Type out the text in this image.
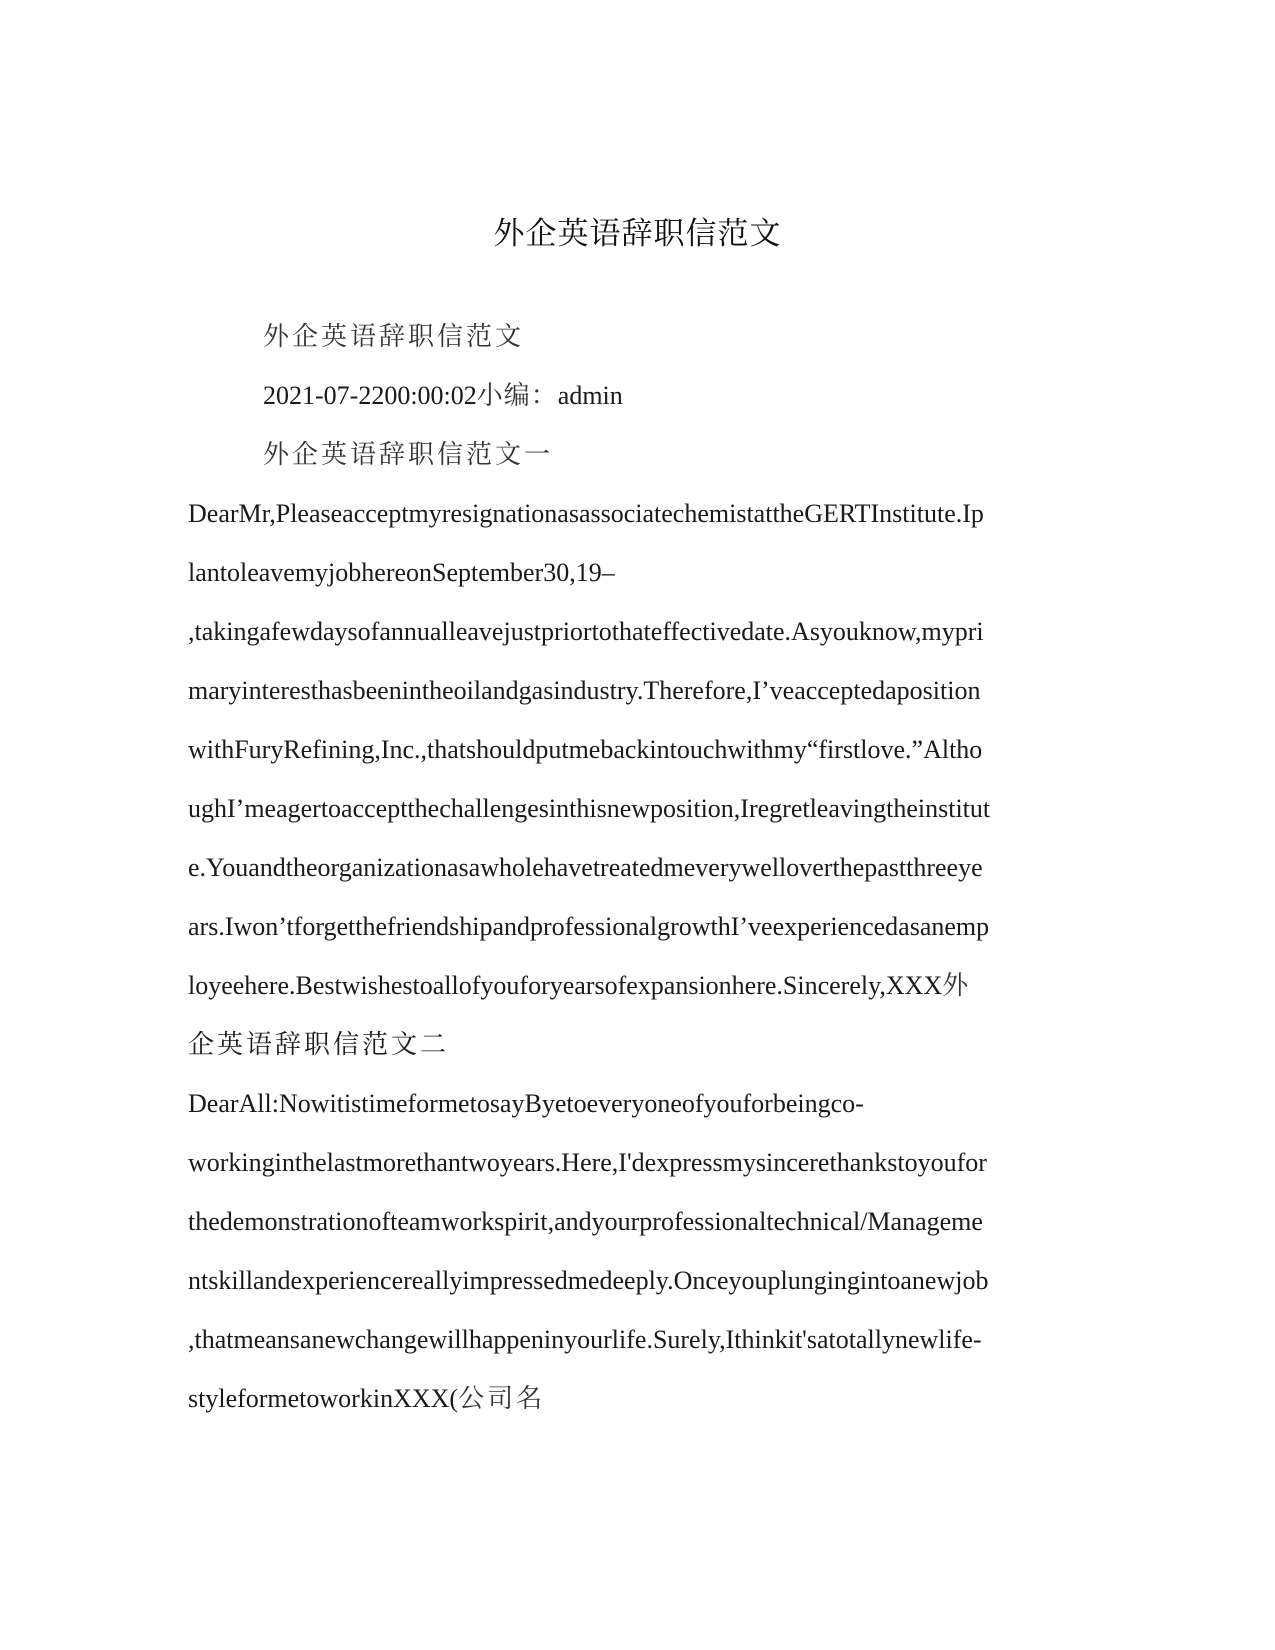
外企英语辞职信范文
外企英语辞职信范文
2021-07-2200:00:02小编：admin
外企英语辞职信范文一
DearMr,PleaseacceptmyresignationasassociatechemistattheGERTInstitute.Ip
lantoleavemyjobhereonSeptember30,19–
,takingafewdaysofannualleavejustpriortothateffectivedate.Asyouknow,mypri
maryinteresthasbeenintheoilandgasindustry.Therefore,I’veacceptedaposition
withFuryRefining,Inc.,thatshouldputmebackintouchwithmy“firstlove.”Altho
ughI’meagertoacceptthechallengesinthisnewposition,Iregretleavingtheinstitut
e.Youandtheorganizationasawholehavetreatedmeverywelloverthepastthreeye
ars.Iwon’tforgetthefriendshipandprofessionalgrowthI’veexperiencedasanemp
loyeehere.Bestwishestoallofyouforyearsofexpansionhere.Sincerely,XXX外
企英语辞职信范文二
DearAll:NowitistimeformetosayByetoeveryoneofyouforbeingco-
workinginthelastmorethantwoyears.Here,I'dexpressmysincerethankstoyoufor
thedemonstrationofteamworkspirit,andyourprofessionaltechnical/Manageme
ntskillandexperiencereallyimpressedmedeeply.Onceyouplungingintoanewjob
,thatmeansanewchangewillhappeninyourlife.Surely,Ithinkit'satotallynewlife-
styleformetoworkinXXX(公司名
